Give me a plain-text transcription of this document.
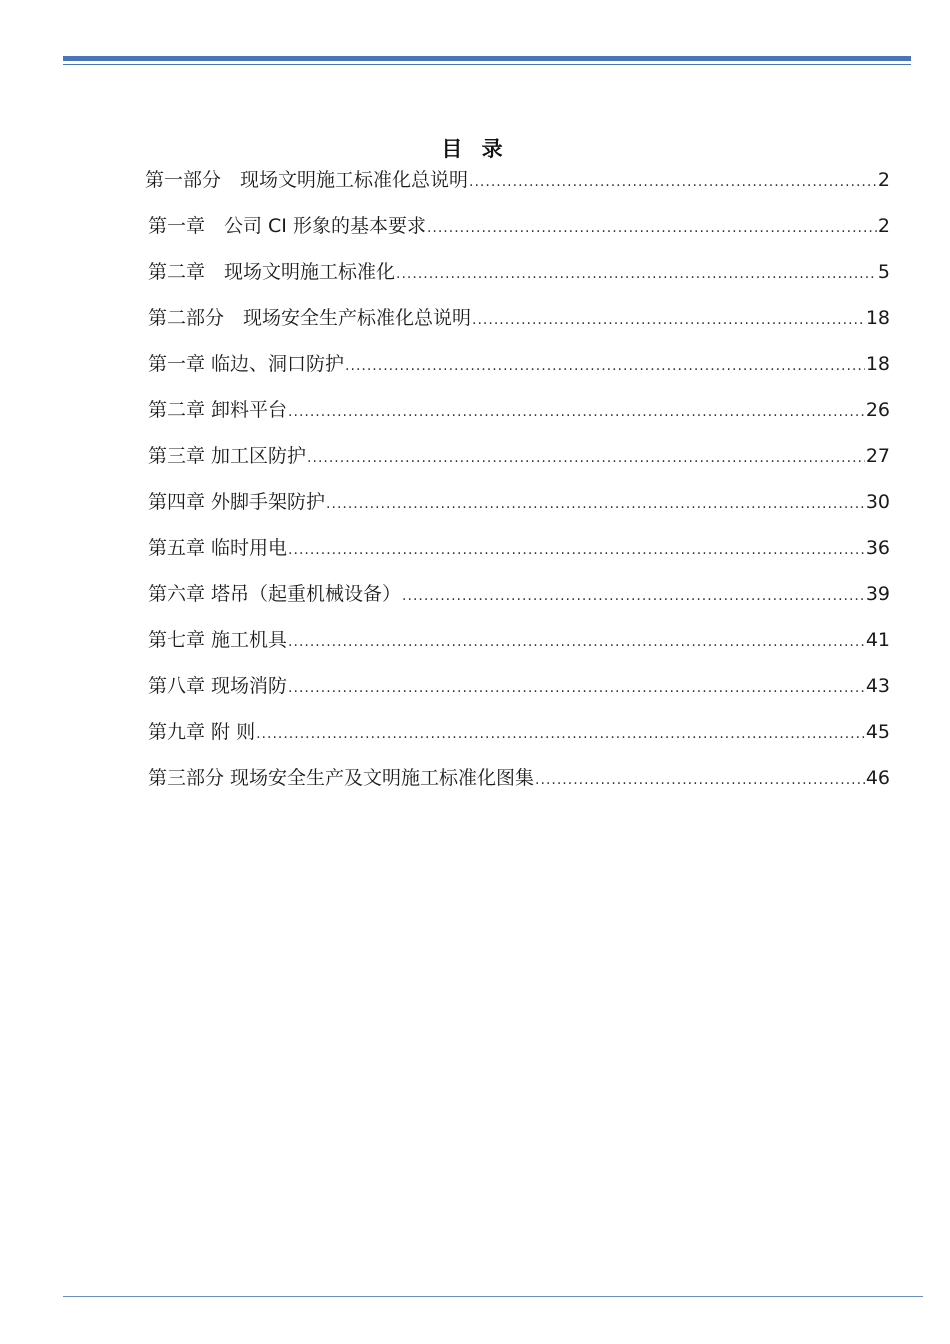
目 录
第一部分　现场文明施工标准化总说明 .....	2
第一章　公司 CI 形象的基本要求 .....	2
第二章　现场文明施工标准化 .....	5
第二部分　现场安全生产标准化总说明 .....	18
第一章 临边、洞口防护 .....	18
第二章 卸料平台 .....	26
第三章 加工区防护 .....	27
第四章 外脚手架防护 .....	30
第五章 临时用电 .....	36
第六章 塔吊（起重机械设备） .....	39
第七章 施工机具 .....	41
第八章 现场消防 .....	43
第九章 附 则 .....	45
第三部分 现场安全生产及文明施工标准化图集 .....	46
